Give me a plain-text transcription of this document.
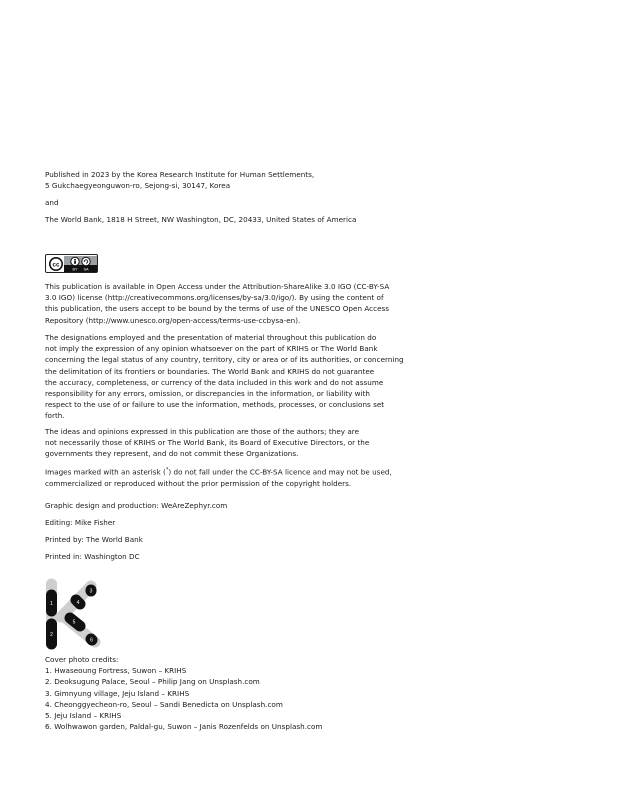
Published in 2023 by the Korea Research Institute for Human Settlements,
5 Gukchaegyeonguwon-ro, Sejong-si, 30147, Korea
and
The World Bank, 1818 H Street, NW Washington, DC, 20433, United States of America
cc
BY SA
This publication is available in Open Access under the Attribution-ShareAlike 3.0 IGO (CC-BY-SA
3.0 IGO) license (http://creativecommons.org/licenses/by-sa/3.0/igo/). By using the content of
this publication, the users accept to be bound by the terms of use of the UNESCO Open Access
Repository (http://www.unesco.org/open-access/terms-use-ccbysa-en).
The designations employed and the presentation of material throughout this publication do
not imply the expression of any opinion whatsoever on the part of KRIHS or The World Bank
concerning the legal status of any country, territory, city or area or of its authorities, or concerning
the delimitation of its frontiers or boundaries. The World Bank and KRIHS do not guarantee
the accuracy, completeness, or currency of the data included in this work and do not assume
responsibility for any errors, omission, or discrepancies in the information, or liability with
respect to the use of or failure to use the information, methods, processes, or conclusions set
forth.
The ideas and opinions expressed in this publication are those of the authors; they are
not necessarily those of KRIHS or The World Bank, its Board of Executive Directors, or the
governments they represent, and do not commit these Organizations.
Images marked with an asterisk (*) do not fall under the CC-BY-SA licence and may not be used,
commercialized or reproduced without the prior permission of the copyright holders.
Graphic design and production: WeAreZephyr.com
Editing: Mike Fisher
Printed by: The World Bank
Printed in: Washington DC
1
2
3
4
5
6
Cover photo credits:
1. Hwaseoung Fortress, Suwon – KRIHS
2. Deoksugung Palace, Seoul – Philip Jang on Unsplash.com
3. Gimnyung village, Jeju Island – KRIHS
4. Cheonggyecheon-ro, Seoul – Sandi Benedicta on Unsplash.com
5. Jeju Island – KRIHS
6. Wolhwawon garden, Paldal-gu, Suwon – Janis Rozenfelds on Unsplash.com
